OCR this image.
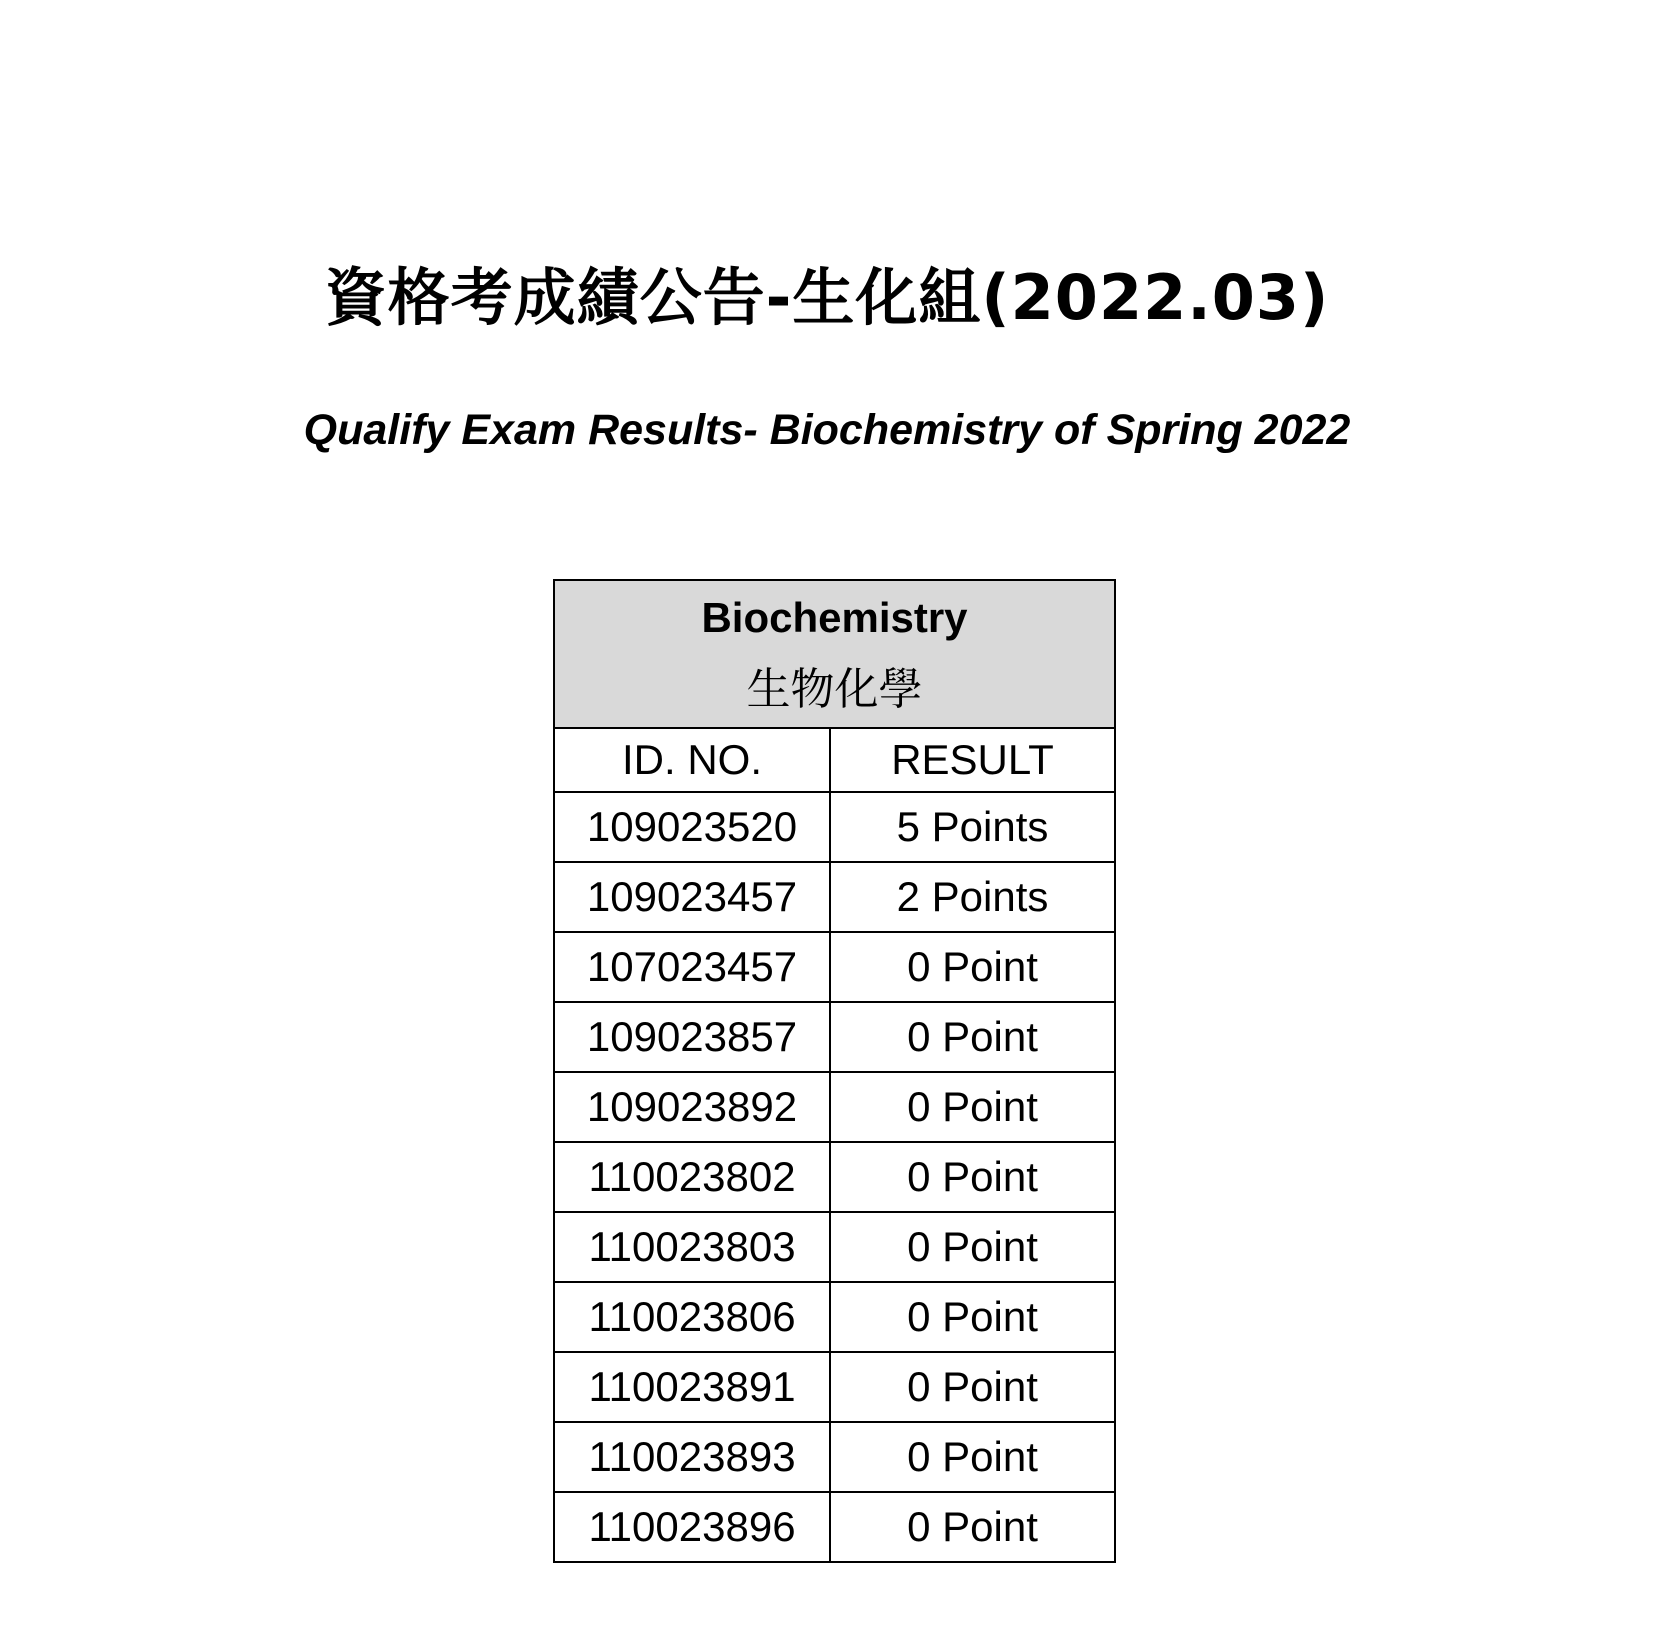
資格考成績公告-生化組(2022.03)
Qualify Exam Results- Biochemistry of Spring 2022
Biochemistry
生物化學	

ID. NO.	RESULT
109023520	5 Points
109023457	2 Points
107023457	0 Point
109023857	0 Point
109023892	0 Point
110023802	0 Point
110023803	0 Point
110023806	0 Point
110023891	0 Point
110023893	0 Point
110023896	0 Point
